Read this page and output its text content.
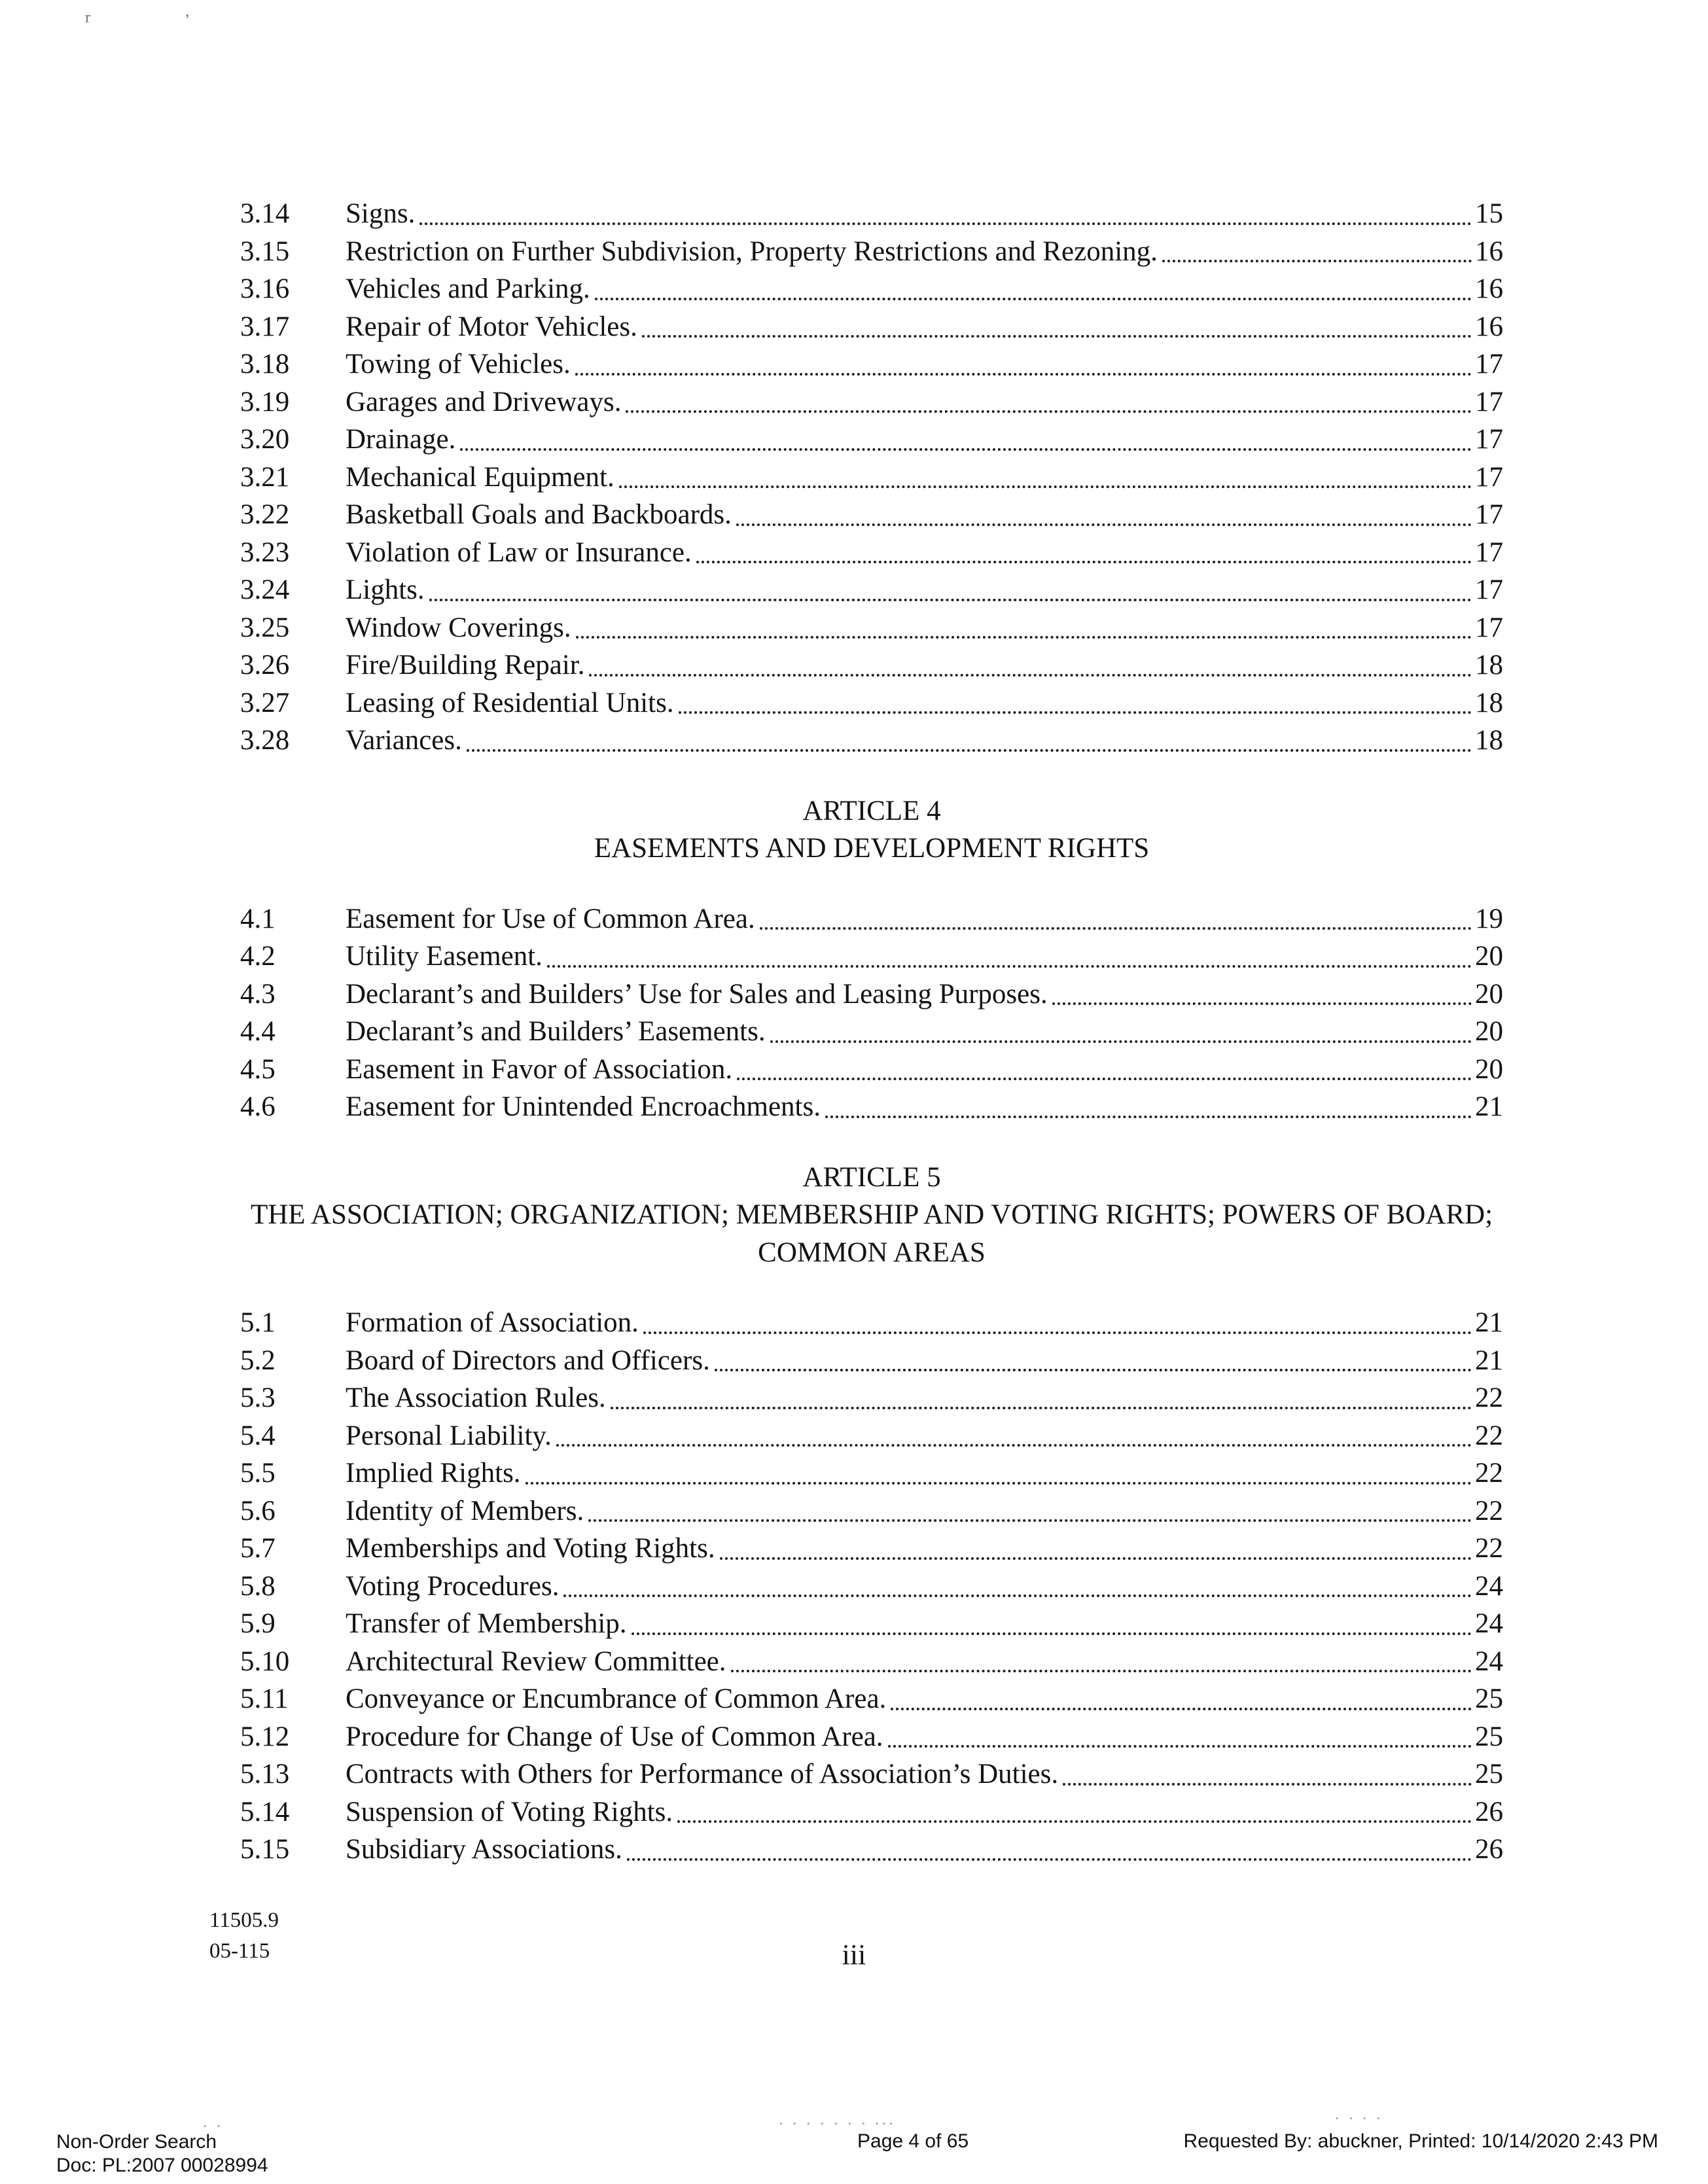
r	’
3.14	Signs.	15
3.15	Restriction on Further Subdivision, Property Restrictions and Rezoning.	16
3.16	Vehicles and Parking.	16
3.17	Repair of Motor Vehicles.	16
3.18	Towing of Vehicles.	17
3.19	Garages and Driveways.	17
3.20	Drainage.	17
3.21	Mechanical Equipment.	17
3.22	Basketball Goals and Backboards.	17
3.23	Violation of Law or Insurance.	17
3.24	Lights.	17
3.25	Window Coverings.	17
3.26	Fire/Building Repair.	18
3.27	Leasing of Residential Units.	18
3.28	Variances.	18
ARTICLE 4
EASEMENTS AND DEVELOPMENT RIGHTS
4.1	Easement for Use of Common Area.	19
4.2	Utility Easement.	20
4.3	Declarant’s and Builders’ Use for Sales and Leasing Purposes.	20
4.4	Declarant’s and Builders’ Easements.	20
4.5	Easement in Favor of Association.	20
4.6	Easement for Unintended Encroachments.	21
ARTICLE 5
THE ASSOCIATION; ORGANIZATION; MEMBERSHIP AND VOTING RIGHTS; POWERS OF BOARD; COMMON AREAS
5.1	Formation of Association.	21
5.2	Board of Directors and Officers.	21
5.3	The Association Rules.	22
5.4	Personal Liability.	22
5.5	Implied Rights.	22
5.6	Identity of Members.	22
5.7	Memberships and Voting Rights.	22
5.8	Voting Procedures.	24
5.9	Transfer of Membership.	24
5.10	Architectural Review Committee.	24
5.11	Conveyance or Encumbrance of Common Area.	25
5.12	Procedure for Change of Use of Common Area.	25
5.13	Contracts with Others for Performance of Association’s Duties.	25
5.14	Suspension of Voting Rights.	26
5.15	Subsidiary Associations.	26
11505.9
05-115	iii
. .	. . . . . . . ...	. . . .
Non-Order Search
Doc: PL:2007 00028994
Page 4 of 65	Requested By: abuckner, Printed: 10/14/2020 2:43 PM
